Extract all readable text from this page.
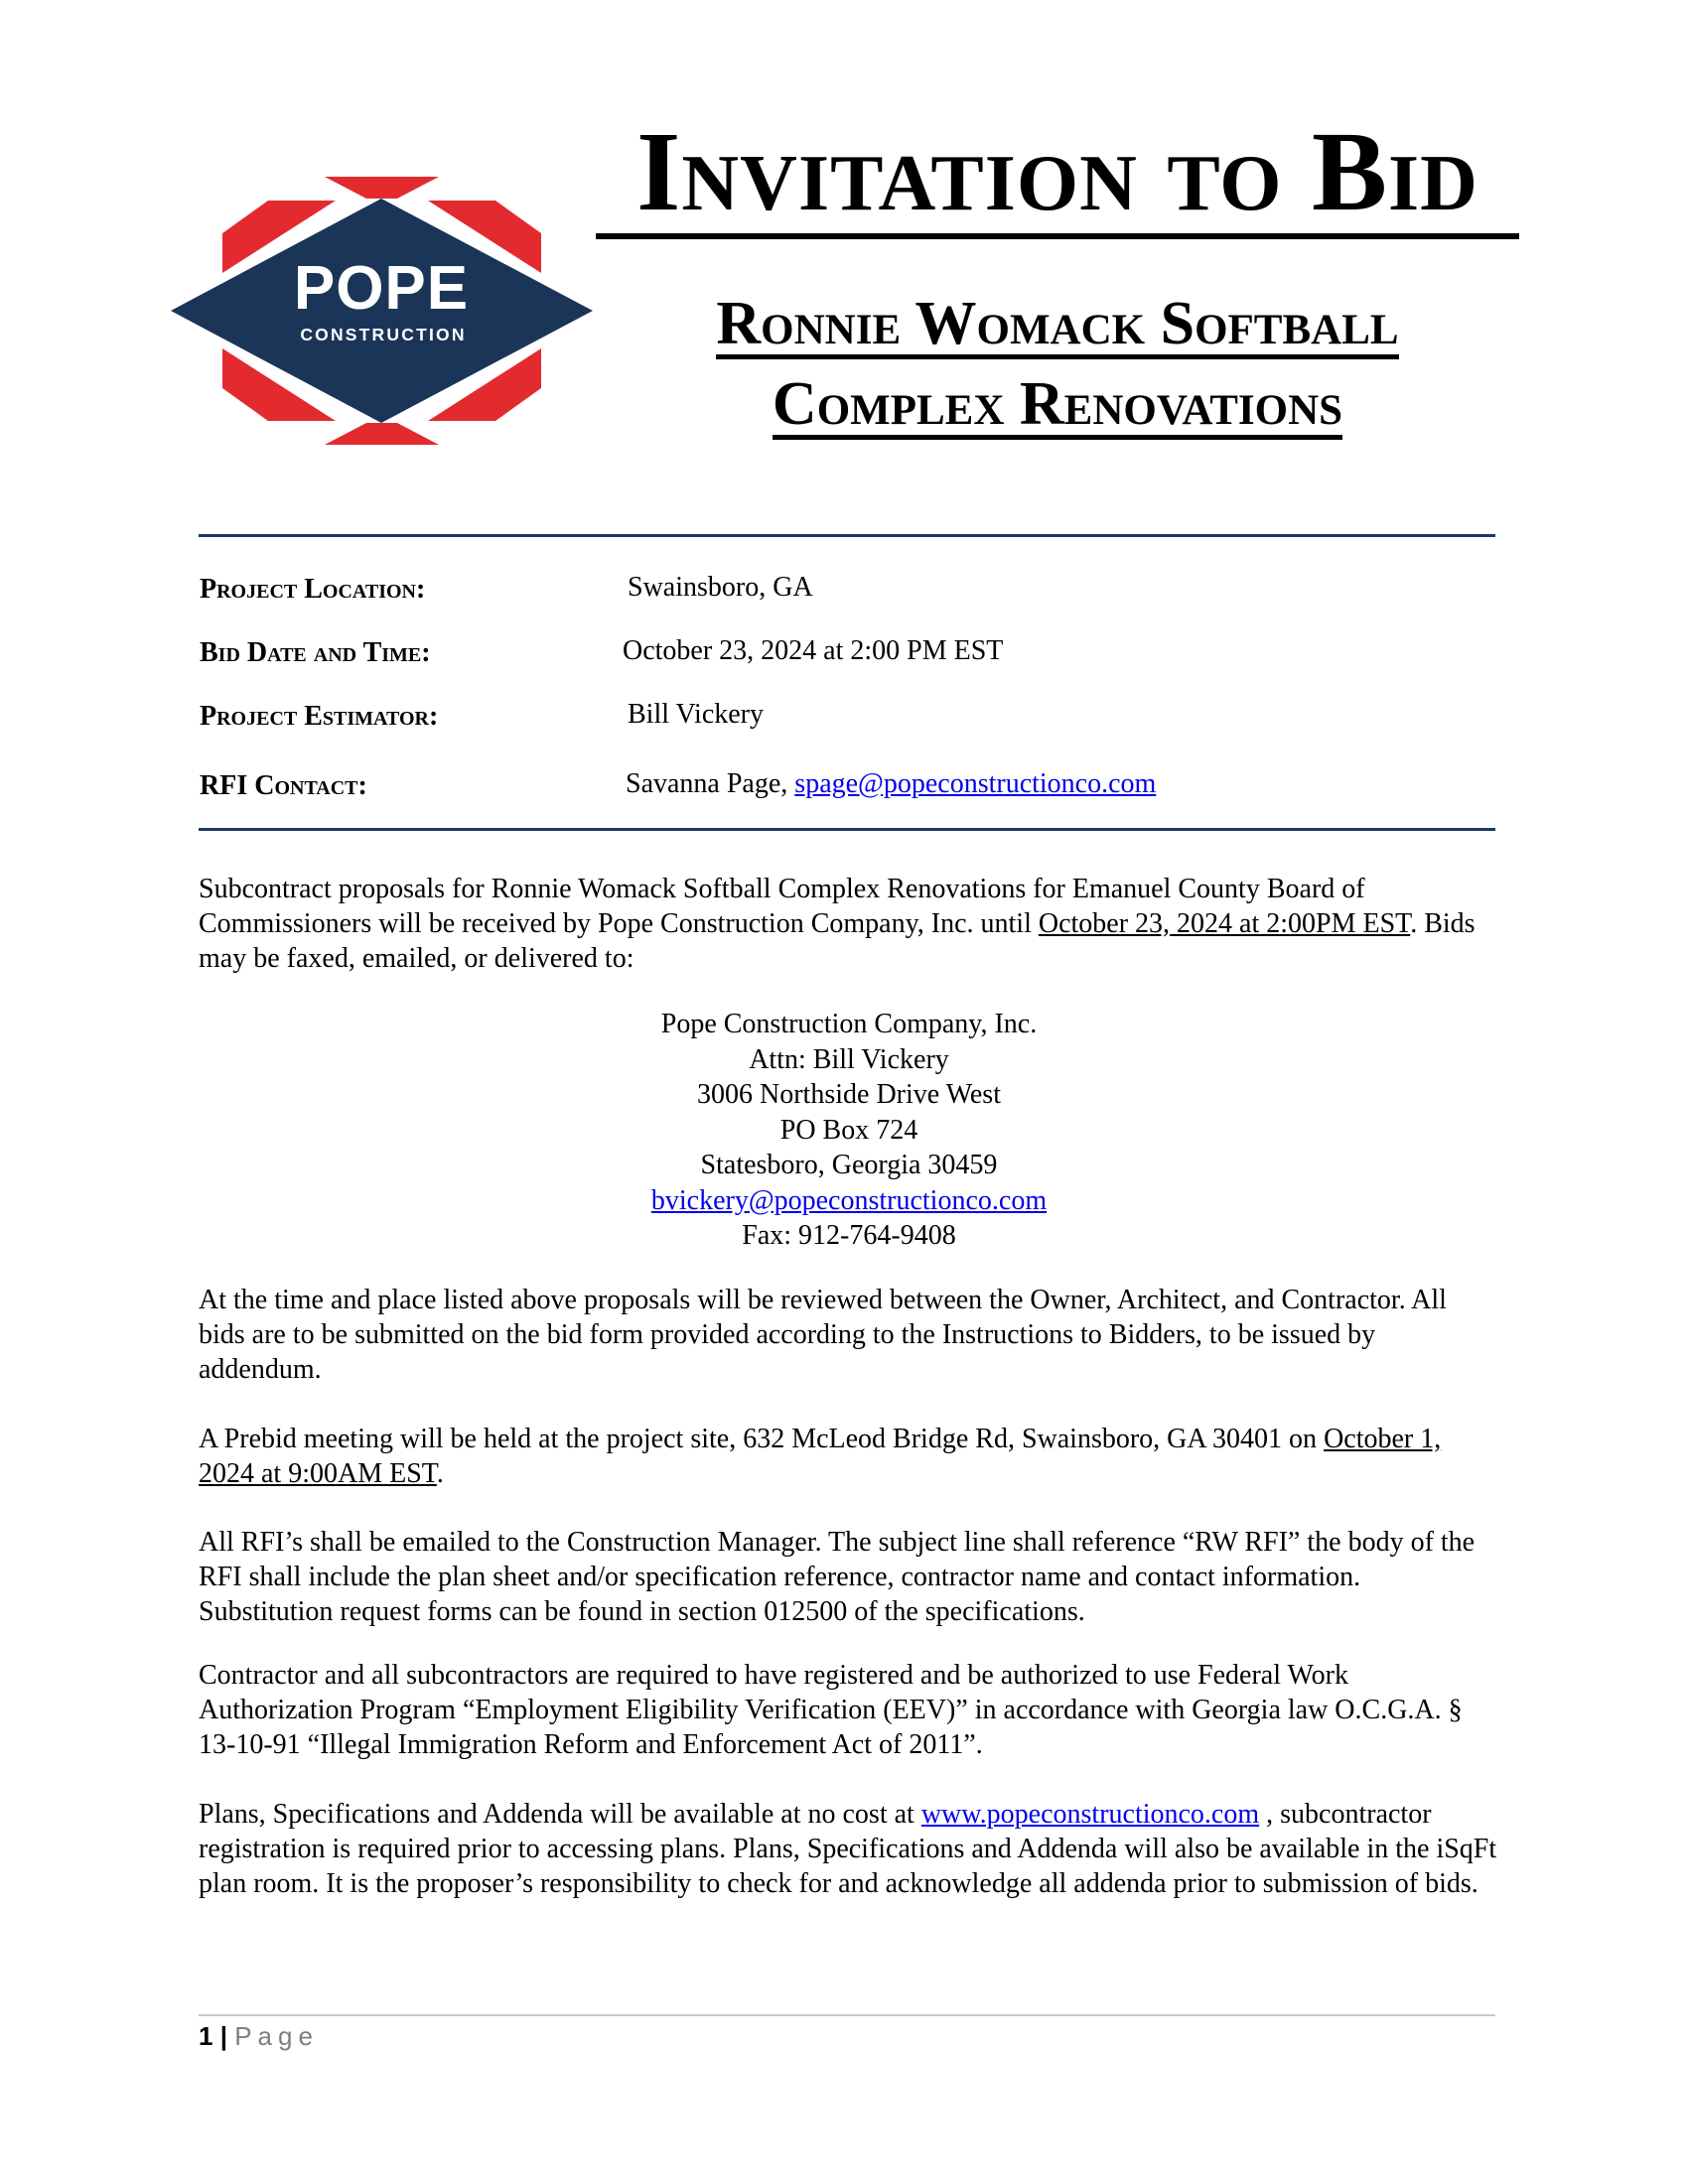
POPE
CONSTRUCTION
Invitation to Bid
Ronnie Womack Softball
Complex Renovations
Project Location:	Swainsboro, GA
Bid Date and Time:	October 23, 2024 at 2:00 PM EST
Project Estimator:	Bill Vickery
RFI Contact:	Savanna Page, spage@popeconstructionco.com

Subcontract proposals for Ronnie Womack Softball Complex Renovations for Emanuel County Board of Commissioners will be received by Pope Construction Company, Inc. until October 23, 2024 at 2:00PM EST. Bids may be faxed, emailed, or delivered to:

Pope Construction Company, Inc.
Attn: Bill Vickery
3006 Northside Drive West
PO Box 724
Statesboro, Georgia 30459
bvickery@popeconstructionco.com
Fax: 912-764-9408

At the time and place listed above proposals will be reviewed between the Owner, Architect, and Contractor. All bids are to be submitted on the bid form provided according to the Instructions to Bidders, to be issued by addendum.

A Prebid meeting will be held at the project site, 632 McLeod Bridge Rd, Swainsboro, GA 30401 on October 1, 2024 at 9:00AM EST.

All RFI’s shall be emailed to the Construction Manager. The subject line shall reference “RW RFI” the body of the RFI shall include the plan sheet and/or specification reference, contractor name and contact information. Substitution request forms can be found in section 012500 of the specifications.

Contractor and all subcontractors are required to have registered and be authorized to use Federal Work Authorization Program “Employment Eligibility Verification (EEV)” in accordance with Georgia law O.C.G.A. § 13-10-91 “Illegal Immigration Reform and Enforcement Act of 2011”.

Plans, Specifications and Addenda will be available at no cost at www.popeconstructionco.com , subcontractor registration is required prior to accessing plans. Plans, Specifications and Addenda will also be available in the iSqFt plan room. It is the proposer’s responsibility to check for and acknowledge all addenda prior to submission of bids.

1 | Page
